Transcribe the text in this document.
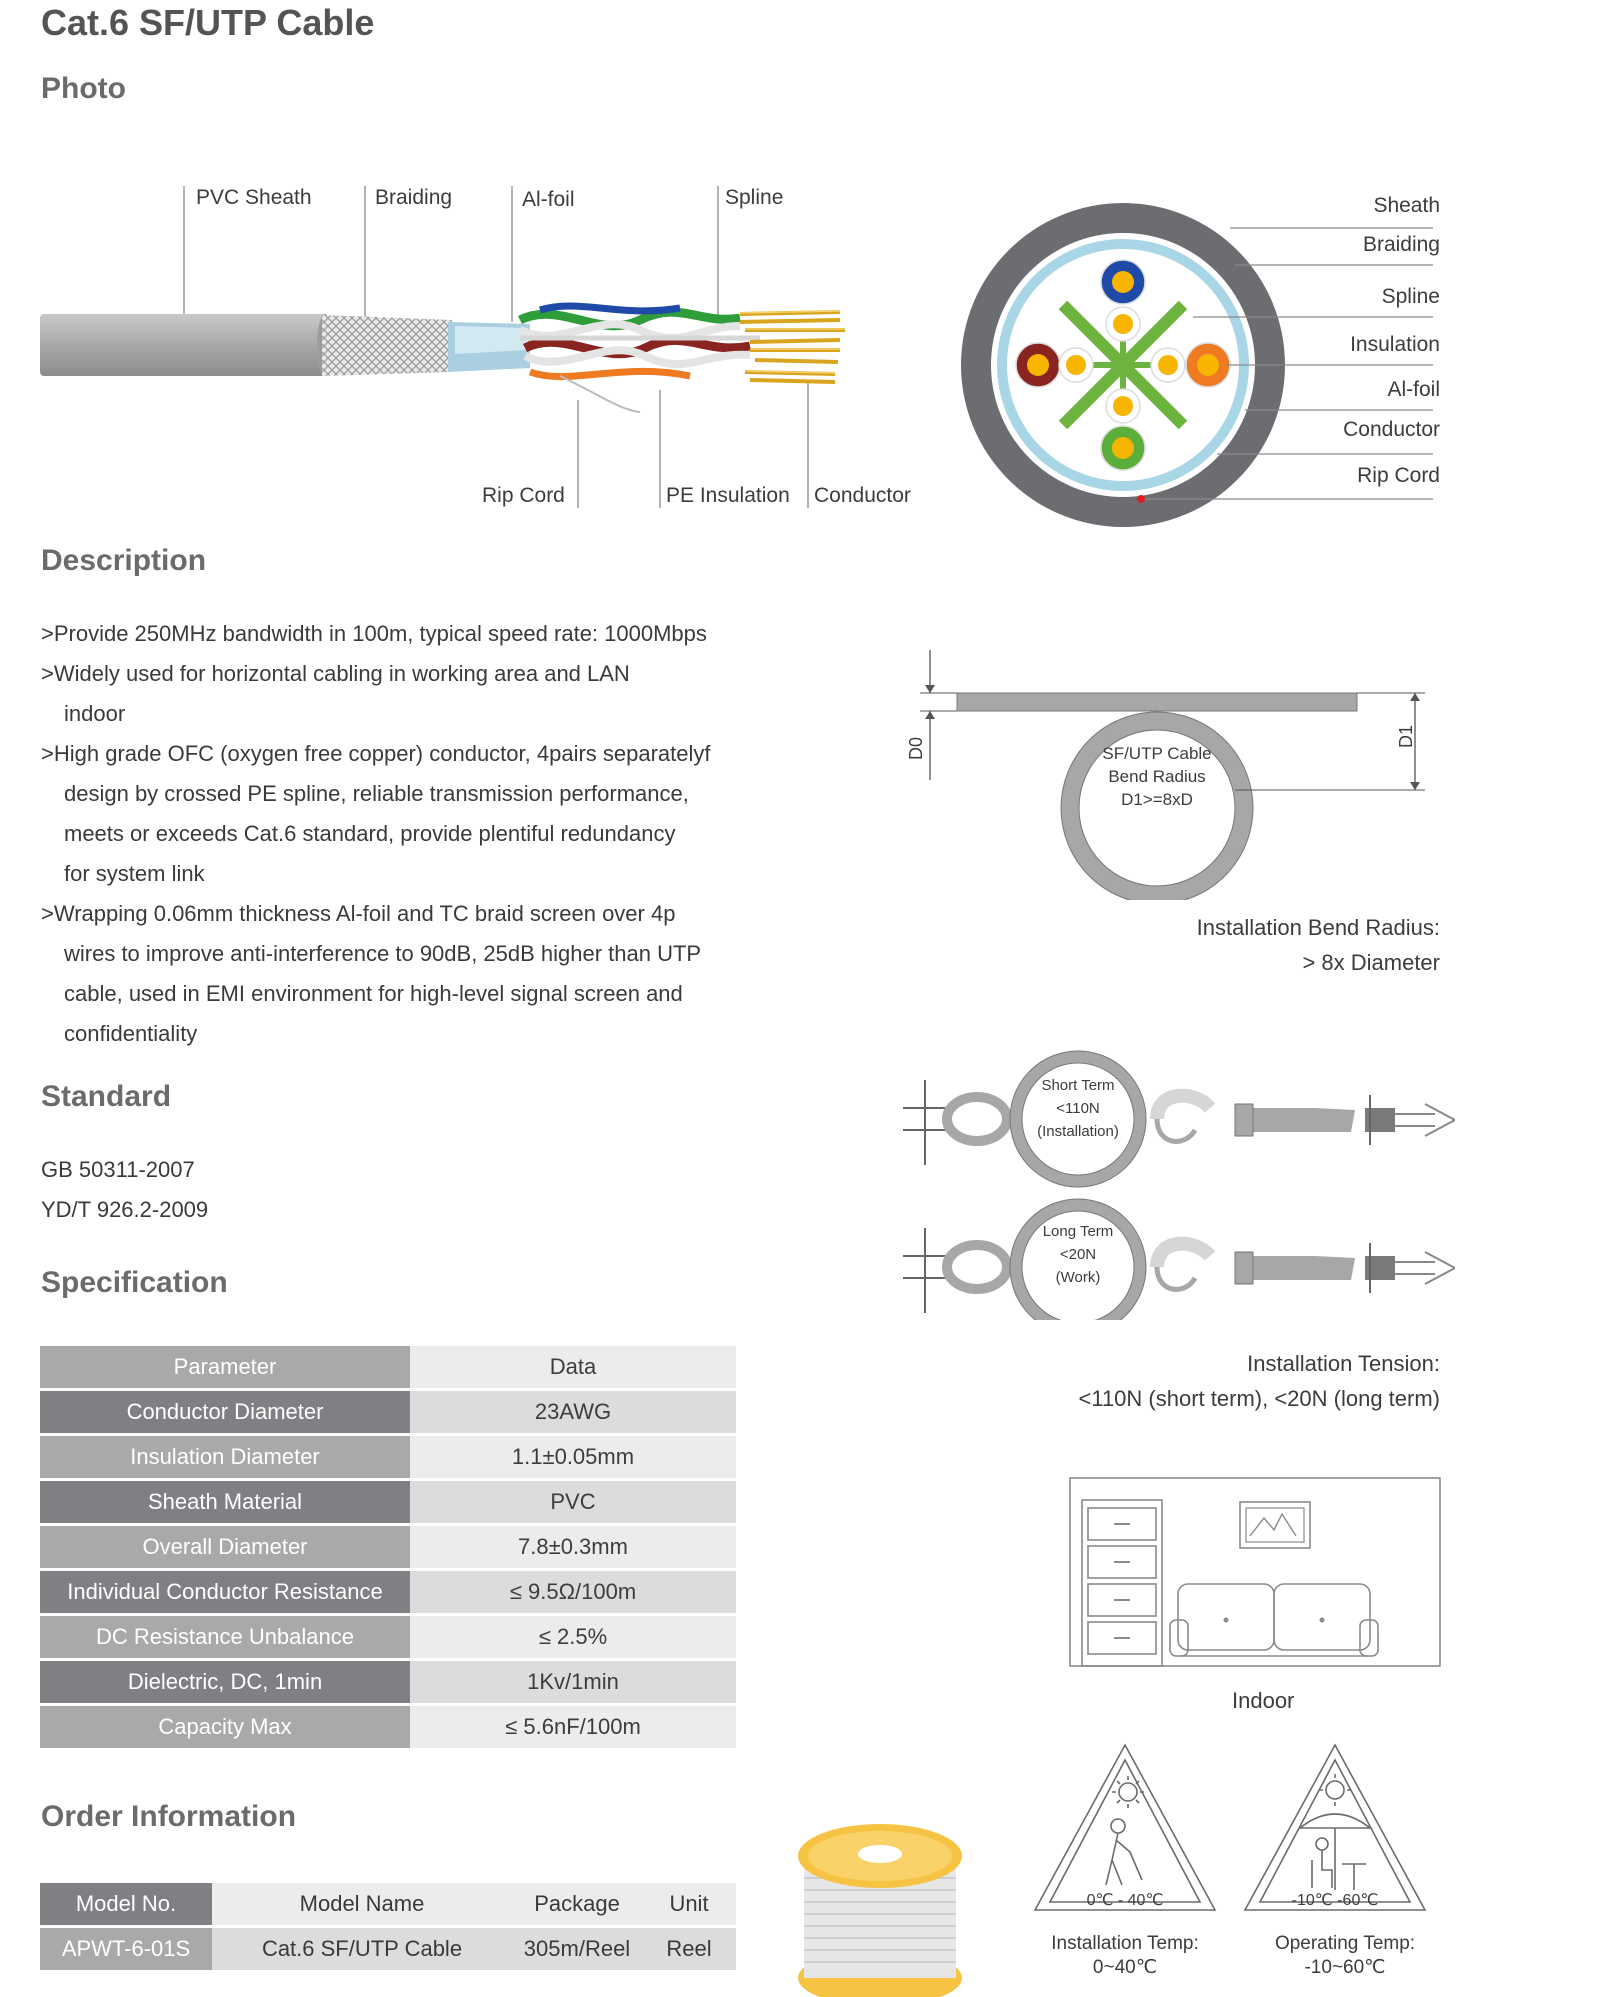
Cat.6 SF/UTP Cable
Photo
PVC Sheath	Braiding	Al-foil	Spline
Rip Cord	PE Insulation Conductor
Sheath
Braiding
Spline
Insulation
Al-foil
Conductor
Rip Cord
Description

>Provide 250MHz bandwidth in 100m, typical speed rate: 1000Mbps

>Widely used for horizontal cabling in working area and LAN

indoor

>High grade OFC (oxygen free copper) conductor, 4pairs separatelyf

design by crossed PE spline, reliable transmission performance,

meets or exceeds Cat.6 standard, provide plentiful redundancy

for system link

>Wrapping 0.06mm thickness Al-foil and TC braid screen over 4p

wires to improve anti-interference to 90dB, 25dB higher than UTP

cable, used in EMI environment for high-level signal screen and

confidentiality

D0
D1
SF/UTP Cable
Bend Radius
D1>=8xD
Installation Bend Radius:
> 8x Diameter
Standard
GB 50311-2007
YD/T 926.2-2009
Short Term
<110N
(Installation)
Long Term
<20N
(Work)
Installation Tension:
<110N (short term), <20N (long term)
Specification
Parameter	Data
Conductor Diameter	23AWG
Insulation Diameter	1.1±0.05mm
Sheath Material	PVC
Overall Diameter	7.8±0.3mm
Individual Conductor Resistance	≤ 9.5Ω/100m
DC Resistance Unbalance	≤ 2.5%
Dielectric, DC, 1min	1Kv/1min
Capacity Max	≤ 5.6nF/100m
Indoor
Order Information
Model No.	Model Name	Package	Unit
APWT-6-01S	Cat.6 SF/UTP Cable	305m/Reel	Reel
0℃ - 40℃	-10℃ -60℃
Installation Temp:
0~40℃
Operating Temp:
-10~60℃
